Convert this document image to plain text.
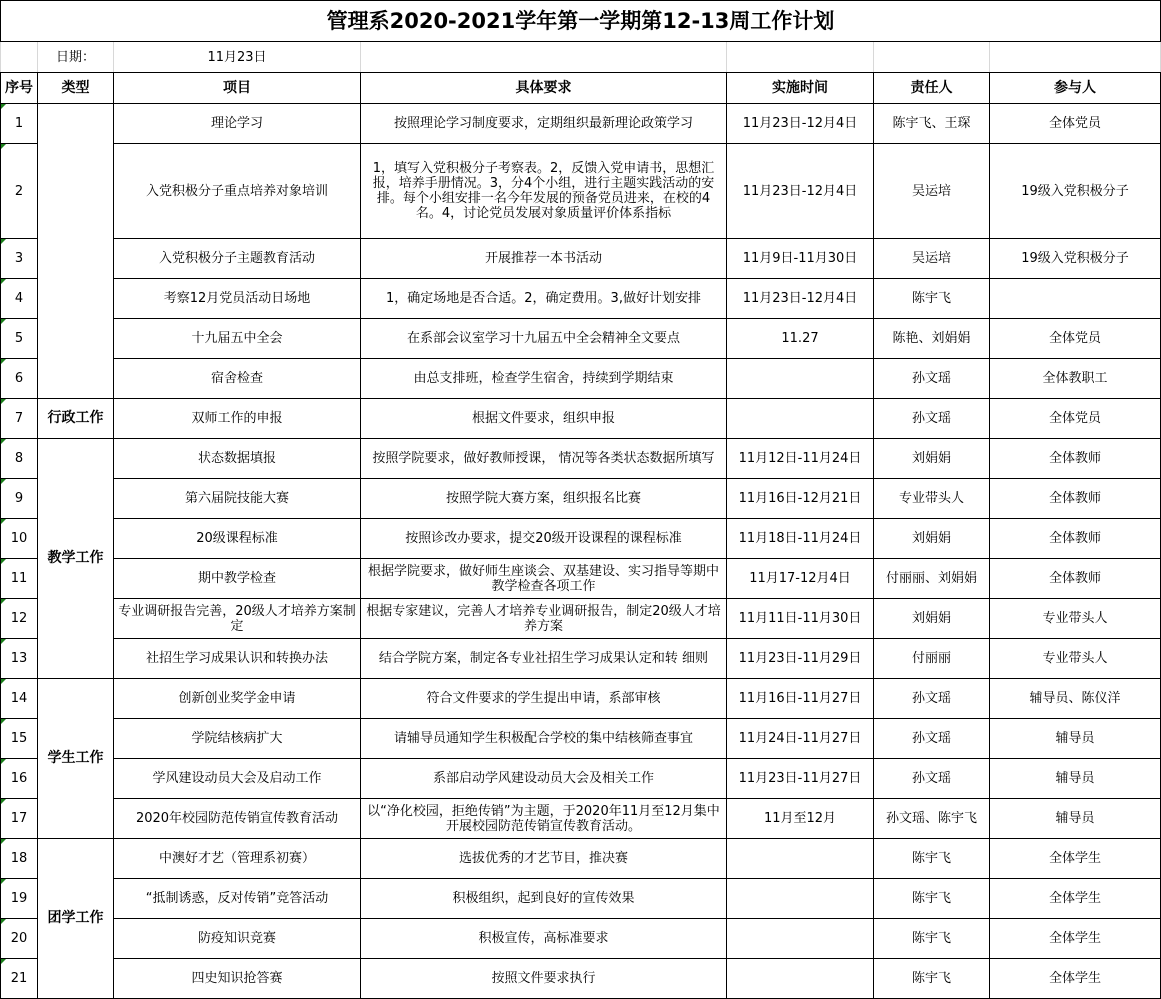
管理系2020-2021学年第一学期第12-13周工作计划						
	日期：	11月23日				
序号	类型	项目	具体要求	实施时间	责任人	参与人
1		理论学习	按照理论学习制度要求，定期组织最新理论政策学习	11月23日-12月4日	陈宇飞、王琛	全体党员
2		入党积极分子重点培养对象培训	1，填写入党积极分子考察表。2，反馈入党申请书，思想汇报，培养手册情况。3，分4个小组，进行主题实践活动的安排。每个小组安排一名今年发展的预备党员进来，在校的4名。4，讨论党员发展对象质量评价体系指标	11月23日-12月4日	吴运培	19级入党积极分子
3		入党积极分子主题教育活动	开展推荐一本书活动	11月9日-11月30日	吴运培	19级入党积极分子
4		考察12月党员活动日场地	1，确定场地是否合适。2，确定费用。3,做好计划安排	11月23日-12月4日	陈宇飞	
5		十九届五中全会	在系部会议室学习十九届五中全会精神全文要点	11.27	陈艳、刘娟娟	全体党员
6		宿舍检查	由总支排班，检查学生宿舍，持续到学期结束		孙文瑶	全体教职工
7	行政工作	双师工作的申报	根据文件要求，组织申报		孙文瑶	全体党员
8	教学工作	状态数据填报	按照学院要求，做好教师授课， 情况等各类状态数据所填写	11月12日-11月24日	刘娟娟	全体教师
9		第六届院技能大赛	按照学院大赛方案，组织报名比赛	11月16日-12月21日	专业带头人	全体教师
10		20级课程标准	按照诊改办要求，提交20级开设课程的课程标准	11月18日-11月24日	刘娟娟	全体教师
11		期中教学检查	根据学院要求，做好师生座谈会、双基建设、实习指导等期中教学检查各项工作	11月17-12月4日	付丽丽、刘娟娟	全体教师
12		专业调研报告完善，20级人才培养方案制定	根据专家建议，完善人才培养专业调研报告，制定20级人才培养方案	11月11日-11月30日	刘娟娟	专业带头人
13		社招生学习成果认识和转换办法	结合学院方案，制定各专业社招生学习成果认定和转 细则	11月23日-11月29日	付丽丽	专业带头人
14	学生工作	创新创业奖学金申请	符合文件要求的学生提出申请，系部审核	11月16日-11月27日	孙文瑶	辅导员、陈仪洋
15		学院结核病扩大	请辅导员通知学生积极配合学校的集中结核筛查事宜	11月24日-11月27日	孙文瑶	辅导员
16		学风建设动员大会及启动工作	系部启动学风建设动员大会及相关工作	11月23日-11月27日	孙文瑶	辅导员
17		2020年校园防范传销宣传教育活动	以“净化校园，拒绝传销”为主题，于2020年11月至12月集中开展校园防范传销宣传教育活动。	11月至12月	孙文瑶、陈宇飞	辅导员
18	团学工作	中澳好才艺（管理系初赛）	选拔优秀的才艺节目，推决赛		陈宇飞	全体学生
19		“抵制诱惑，反对传销”竞答活动	积极组织，起到良好的宣传效果		陈宇飞	全体学生
20		防疫知识竞赛	积极宣传，高标准要求		陈宇飞	全体学生
21		四史知识抢答赛	按照文件要求执行		陈宇飞	全体学生
